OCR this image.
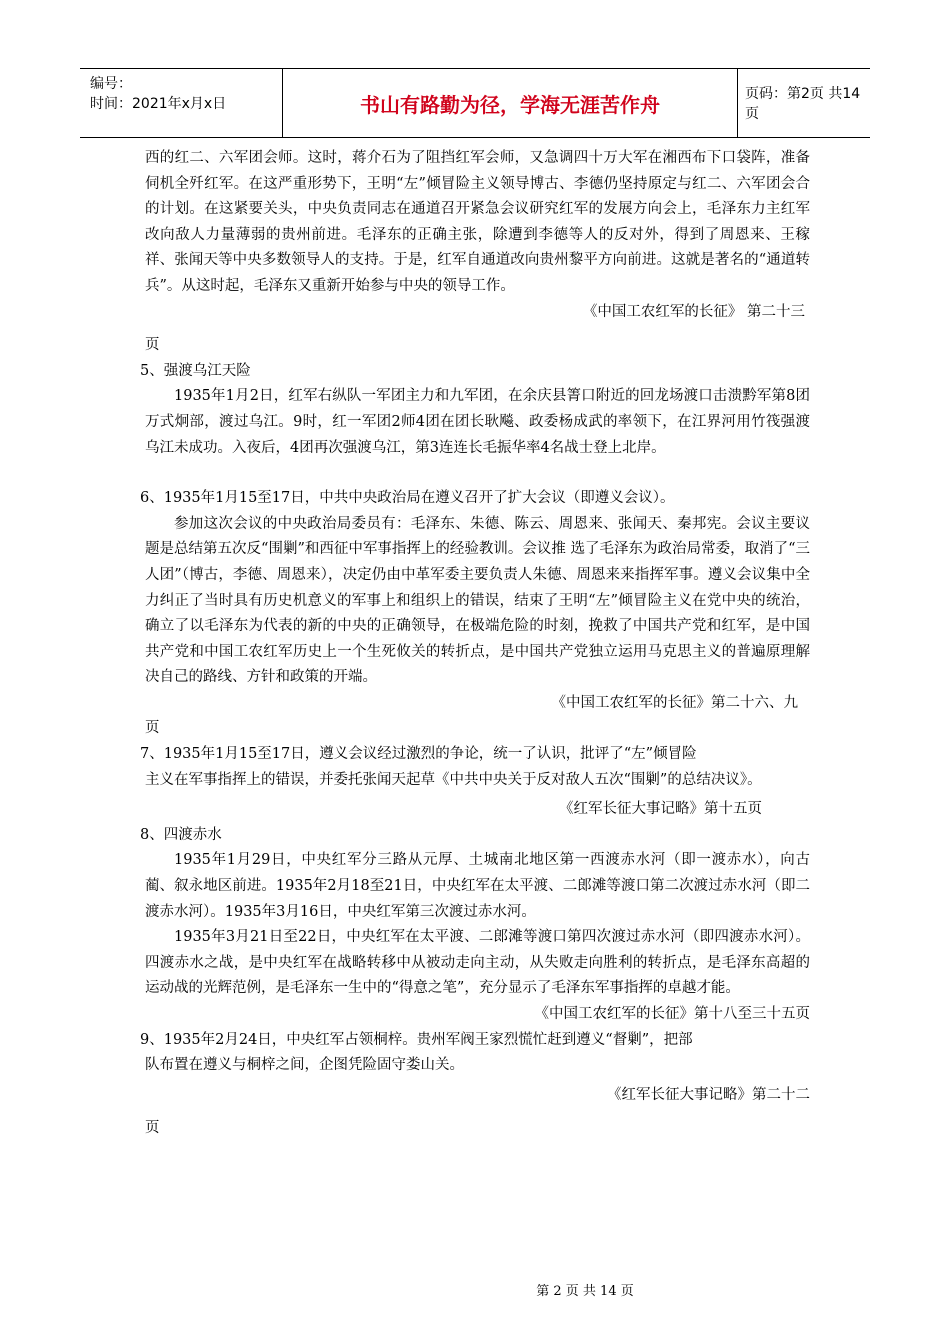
编号：
时间：2021年x月x日	书山有路勤为径，学海无涯苦作舟	页码：第2页 共14页

西的红二、六军团会师。这时，蒋介石为了阻挡红军会师，又急调四十万大军在湘西布下口袋阵，准备伺机全歼红军。在这严重形势下，王明“左”倾冒险主义领导博古、李德仍坚持原定与红二、六军团会合的计划。在这紧要关头，中央负责同志在通道召开紧急会议研究红军的发展方向会上，毛泽东力主红军改向敌人力量薄弱的贵州前进。毛泽东的正确主张，除遭到李德等人的反对外，得到了周恩来、王稼祥、张闻天等中央多数领导人的支持。于是，红军自通道改向贵州黎平方向前进。这就是著名的“通道转兵”。从这时起，毛泽东又重新开始参与中央的领导工作。

《中国工农红军的长征》 第二十三

页

5、强渡乌江天险

1935年1月2日，红军右纵队一军团主力和九军团，在余庆县箐口附近的回龙场渡口击溃黔军第8团万式炯部，渡过乌江。9时，红一军团2师4团在团长耿飚、政委杨成武的率领下，在江界河用竹筏强渡乌江未成功。入夜后，4团再次强渡乌江，第3连连长毛振华率4名战士登上北岸。

6、1935年1月15至17日，中共中央政治局在遵义召开了扩大会议（即遵义会议）。

参加这次会议的中央政治局委员有：毛泽东、朱德、陈云、周恩来、张闻天、秦邦宪。会议主要议题是总结第五次反“围剿”和西征中军事指挥上的经验教训。会议推 选了毛泽东为政治局常委，取消了“三人团”（博古，李德、周恩来），决定仍由中革军委主要负责人朱德、周恩来来指挥军事。遵义会议集中全力纠正了当时具有历史机意义的军事上和组织上的错误，结束了王明“左”倾冒险主义在党中央的统治，确立了以毛泽东为代表的新的中央的正确领导，在极端危险的时刻，挽救了中国共产党和红军，是中国共产党和中国工农红军历史上一个生死攸关的转折点，是中国共产党独立运用马克思主义的普遍原理解决自己的路线、方针和政策的开端。

《中国工农红军的长征》第二十六、九

页

7、1935年1月15至17日，遵义会议经过激烈的争论，统一了认识，批评了“左”倾冒险

主义在军事指挥上的错误，并委托张闻天起草《中共中央关于反对敌人五次“围剿”的总结决议》。

《红军长征大事记略》第十五页

8、四渡赤水

1935年1月29日，中央红军分三路从元厚、土城南北地区第一西渡赤水河（即一渡赤水），向古蔺、叙永地区前进。1935年2月18至21日，中央红军在太平渡、二郎滩等渡口第二次渡过赤水河（即二渡赤水河）。1935年3月16日，中央红军第三次渡过赤水河。

1935年3月21日至22日，中央红军在太平渡、二郎滩等渡口第四次渡过赤水河（即四渡赤水河）。四渡赤水之战，是中央红军在战略转移中从被动走向主动，从失败走向胜利的转折点，是毛泽东高超的运动战的光辉范例，是毛泽东一生中的“得意之笔”，充分显示了毛泽东军事指挥的卓越才能。

《中国工农红军的长征》第十八至三十五页

9、1935年2月24日，中央红军占领桐梓。贵州军阀王家烈慌忙赶到遵义“督剿”，把部

队布置在遵义与桐梓之间，企图凭险固守娄山关。

《红军长征大事记略》第二十二

页

第 2 页 共 14 页
